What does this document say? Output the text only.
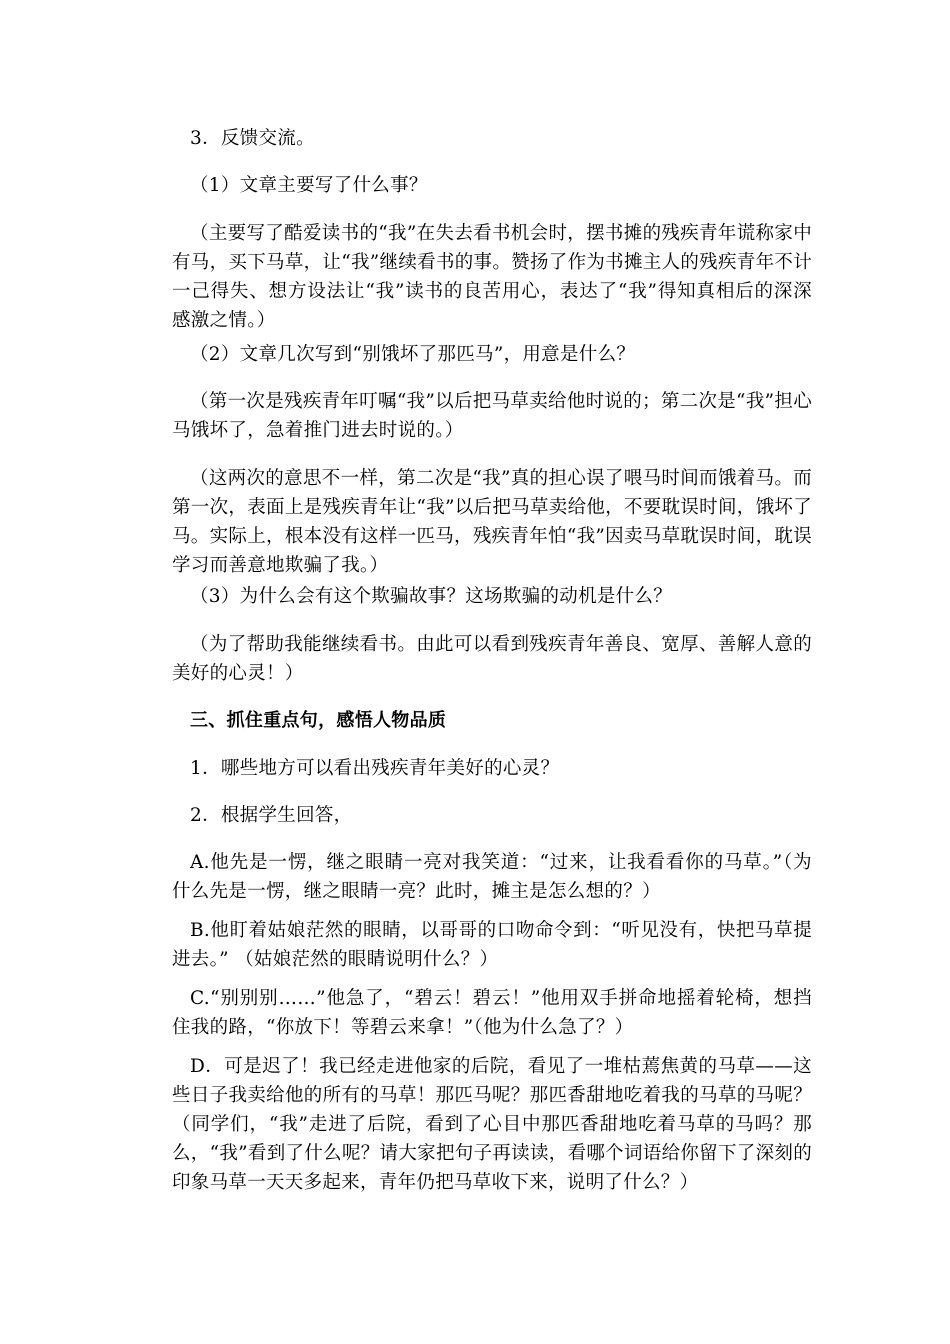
3．反馈交流。

（1）文章主要写了什么事？

（主要写了酷爱读书的“我”在失去看书机会时，摆书摊的残疾青年谎称家中有马，买下马草，让“我”继续看书的事。赞扬了作为书摊主人的残疾青年不计一己得失、想方设法让“我”读书的良苦用心，表达了“我”得知真相后的深深感激之情。）

（2）文章几次写到“别饿坏了那匹马”，用意是什么？

（第一次是残疾青年叮嘱“我”以后把马草卖给他时说的；第二次是“我”担心马饿坏了，急着推门进去时说的。）

（这两次的意思不一样，第二次是“我”真的担心误了喂马时间而饿着马。而第一次，表面上是残疾青年让“我”以后把马草卖给他，不要耽误时间，饿坏了马。实际上，根本没有这样一匹马，残疾青年怕“我”因卖马草耽误时间，耽误学习而善意地欺骗了我。）

（3）为什么会有这个欺骗故事？这场欺骗的动机是什么？

（为了帮助我能继续看书。由此可以看到残疾青年善良、宽厚、善解人意的美好的心灵！）

三、抓住重点句，感悟人物品质

1．哪些地方可以看出残疾青年美好的心灵？

2．根据学生回答，

A.他先是一愣，继之眼睛一亮对我笑道：“过来，让我看看你的马草。”（为什么先是一愣，继之眼睛一亮？此时，摊主是怎么想的？）

B.他盯着姑娘茫然的眼睛，以哥哥的口吻命令到：“听见没有，快把马草提进去。” （姑娘茫然的眼睛说明什么？）

C.“别别别……”他急了，“碧云！碧云！”他用双手拼命地摇着轮椅，想挡住我的路，“你放下！等碧云来拿！”（他为什么急了？）

D．可是迟了！我已经走进他家的后院，看见了一堆枯蔫焦黄的马草——这些日子我卖给他的所有的马草！那匹马呢？那匹香甜地吃着我的马草的马呢？（同学们，“我”走进了后院，看到了心目中那匹香甜地吃着马草的马吗？那么，“我”看到了什么呢？请大家把句子再读读，看哪个词语给你留下了深刻的印象马草一天天多起来，青年仍把马草收下来，说明了什么？）
